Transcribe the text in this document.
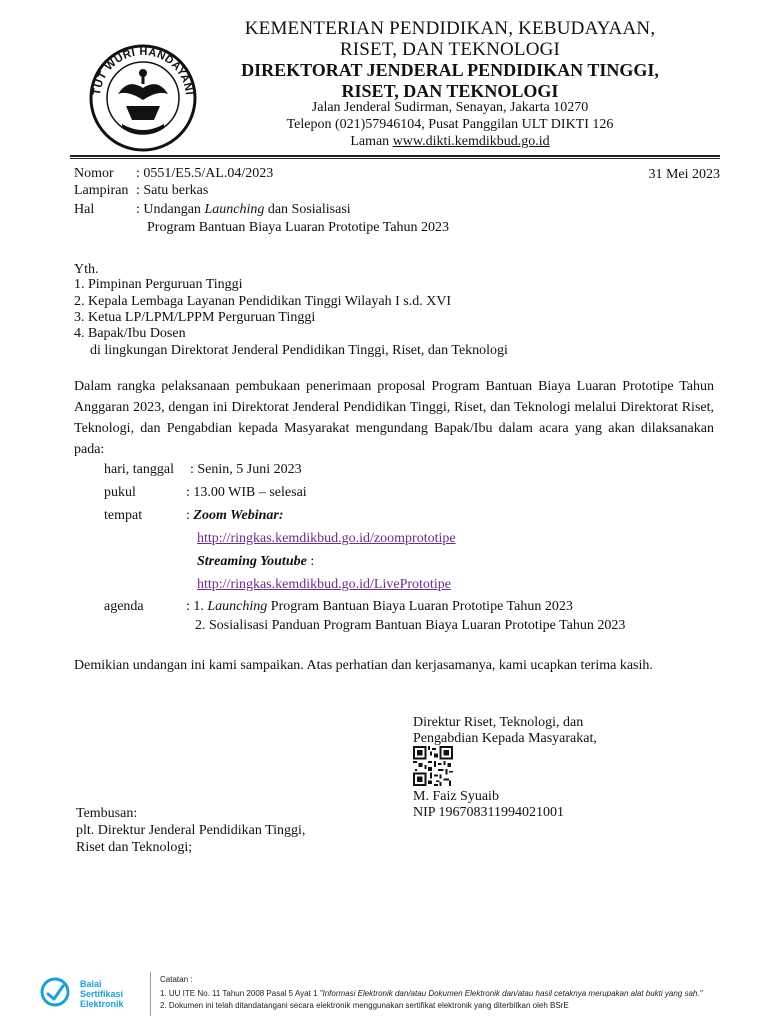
TUT WURI HANDAYANI
KEMENTERIAN PENDIDIKAN, KEBUDAYAAN,
RISET, DAN TEKNOLOGI
DIREKTORAT JENDERAL PENDIDIKAN TINGGI,
RISET, DAN TEKNOLOGI
Jalan Jenderal Sudirman, Senayan, Jakarta 10270
Telepon (021)57946104, Pusat Panggilan ULT DIKTI 126
Laman www.dikti.kemdikbud.go.id
Nomor : 0551/E5.5/AL.04/2023	31 Mei 2023
Lampiran : Satu berkas
Hal	: Undangan Launching dan Sosialisasi
Program Bantuan Biaya Luaran Prototipe Tahun 2023
Yth.
1. Pimpinan Perguruan Tinggi
2. Kepala Lembaga Layanan Pendidikan Tinggi Wilayah I s.d. XVI
3. Ketua LP/LPM/LPPM Perguruan Tinggi
4. Bapak/Ibu Dosen
di lingkungan Direktorat Jenderal Pendidikan Tinggi, Riset, dan Teknologi
Dalam rangka pelaksanaan pembukaan penerimaan proposal Program Bantuan Biaya Luaran Prototipe Tahun Anggaran 2023, dengan ini Direktorat Jenderal Pendidikan Tinggi, Riset, dan Teknologi melalui Direktorat Riset, Teknologi, dan Pengabdian kepada Masyarakat mengundang Bapak/Ibu dalam acara yang akan dilaksanakan pada:
hari, tanggal : Senin, 5 Juni 2023
pukul	: 13.00 WIB – selesai
tempat	: Zoom Webinar:
http://ringkas.kemdikbud.go.id/zoomprototipe
Streaming Youtube :
http://ringkas.kemdikbud.go.id/LivePrototipe
agenda	: 1. Launching Program Bantuan Biaya Luaran Prototipe Tahun 2023
2. Sosialisasi Panduan Program Bantuan Biaya Luaran Prototipe Tahun 2023
Demikian undangan ini kami sampaikan. Atas perhatian dan kerjasamanya, kami ucapkan terima kasih.
Direktur Riset, Teknologi, dan
Pengabdian Kepada Masyarakat,
M. Faiz Syuaib
NIP 196708311994021001
Tembusan:
plt. Direktur Jenderal Pendidikan Tinggi,
Riset dan Teknologi;
Balai
Sertifikasi
Elektronik
Catatan :
1. UU ITE No. 11 Tahun 2008 Pasal 5 Ayat 1 "Informasi Elektronik dan/atau Dokumen Elektronik dan/atau hasil cetaknya merupakan alat bukti yang sah."
2. Dokumen ini telah ditandatangani secara elektronik menggunakan sertifikat elektronik yang diterbitkan oleh BSrE
